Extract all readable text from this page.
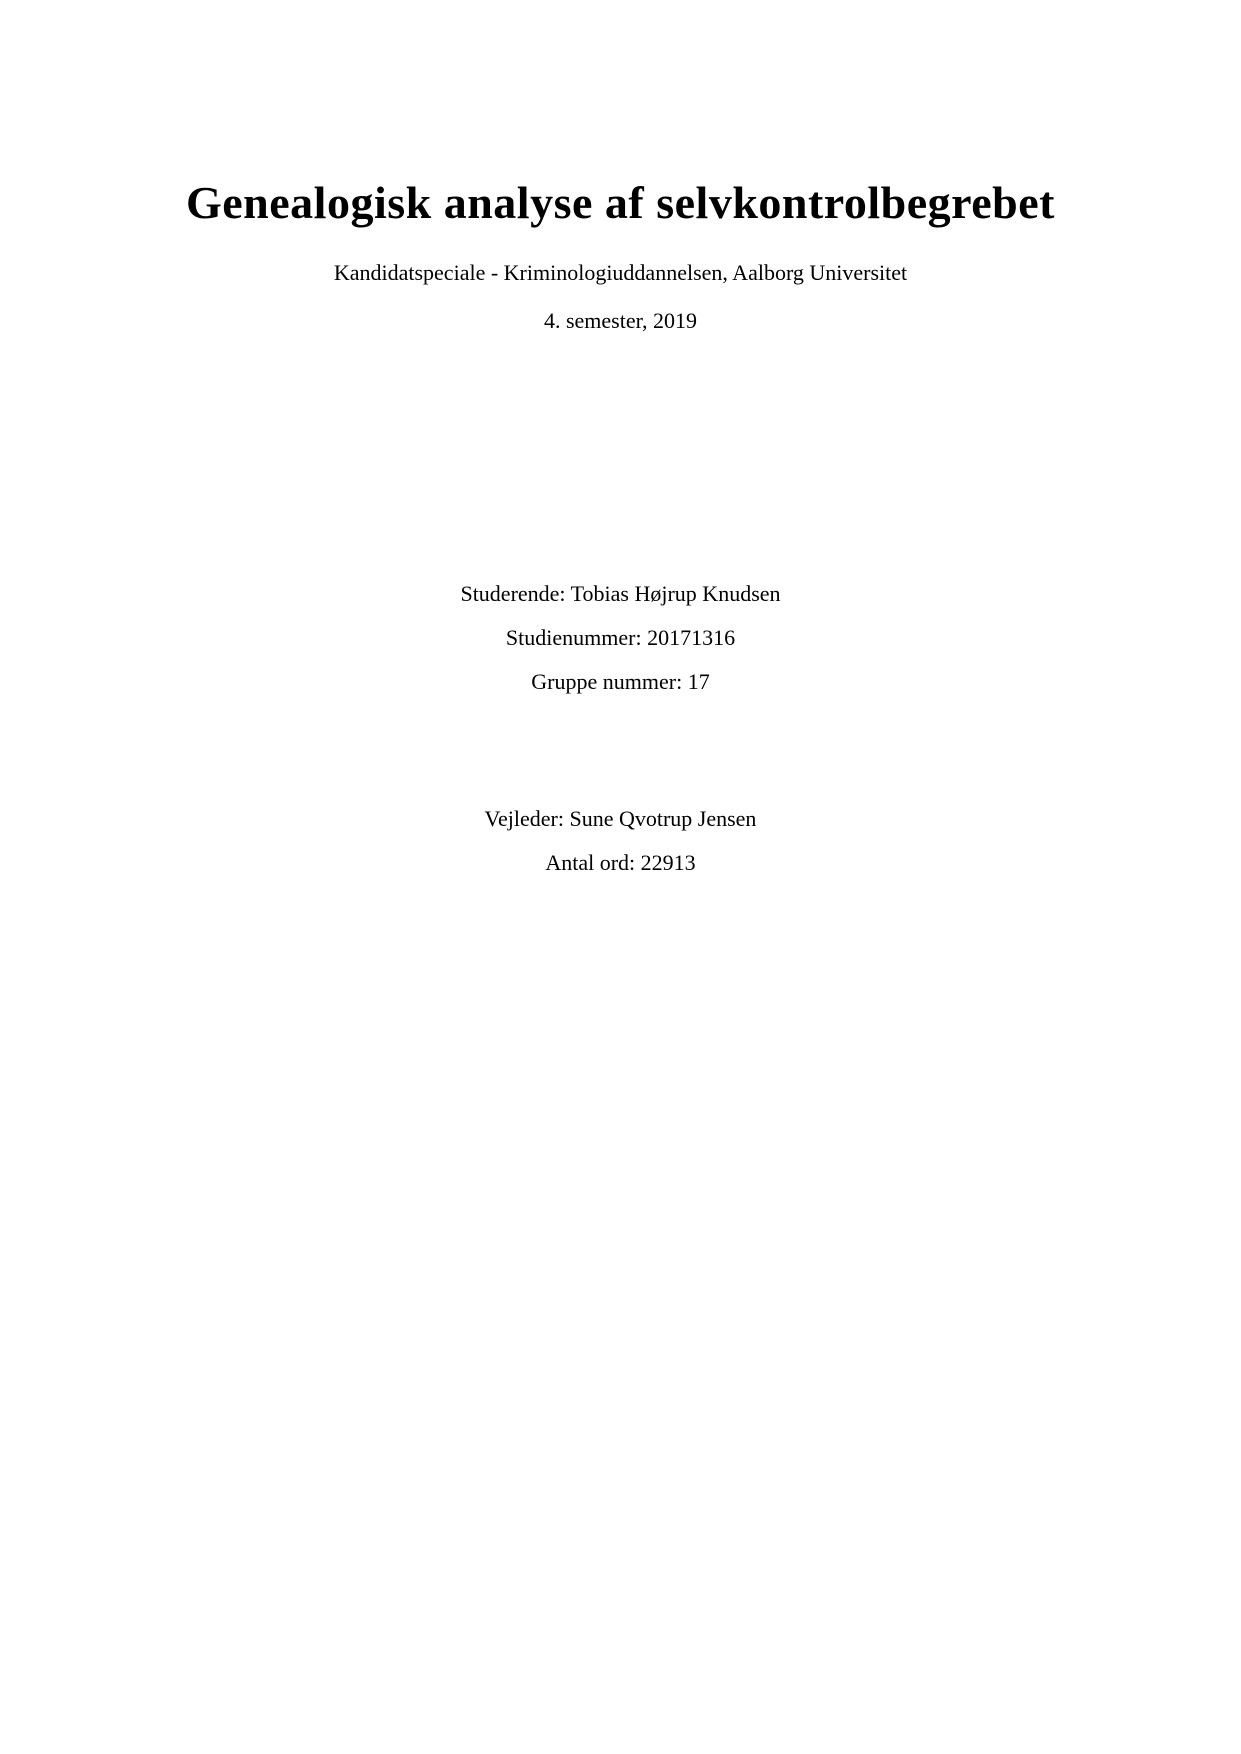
Genealogisk analyse af selvkontrolbegrebet
Kandidatspeciale - Kriminologiuddannelsen, Aalborg Universitet
4. semester, 2019
Studerende: Tobias Højrup Knudsen
Studienummer: 20171316
Gruppe nummer: 17
Vejleder: Sune Qvotrup Jensen
Antal ord: 22913
